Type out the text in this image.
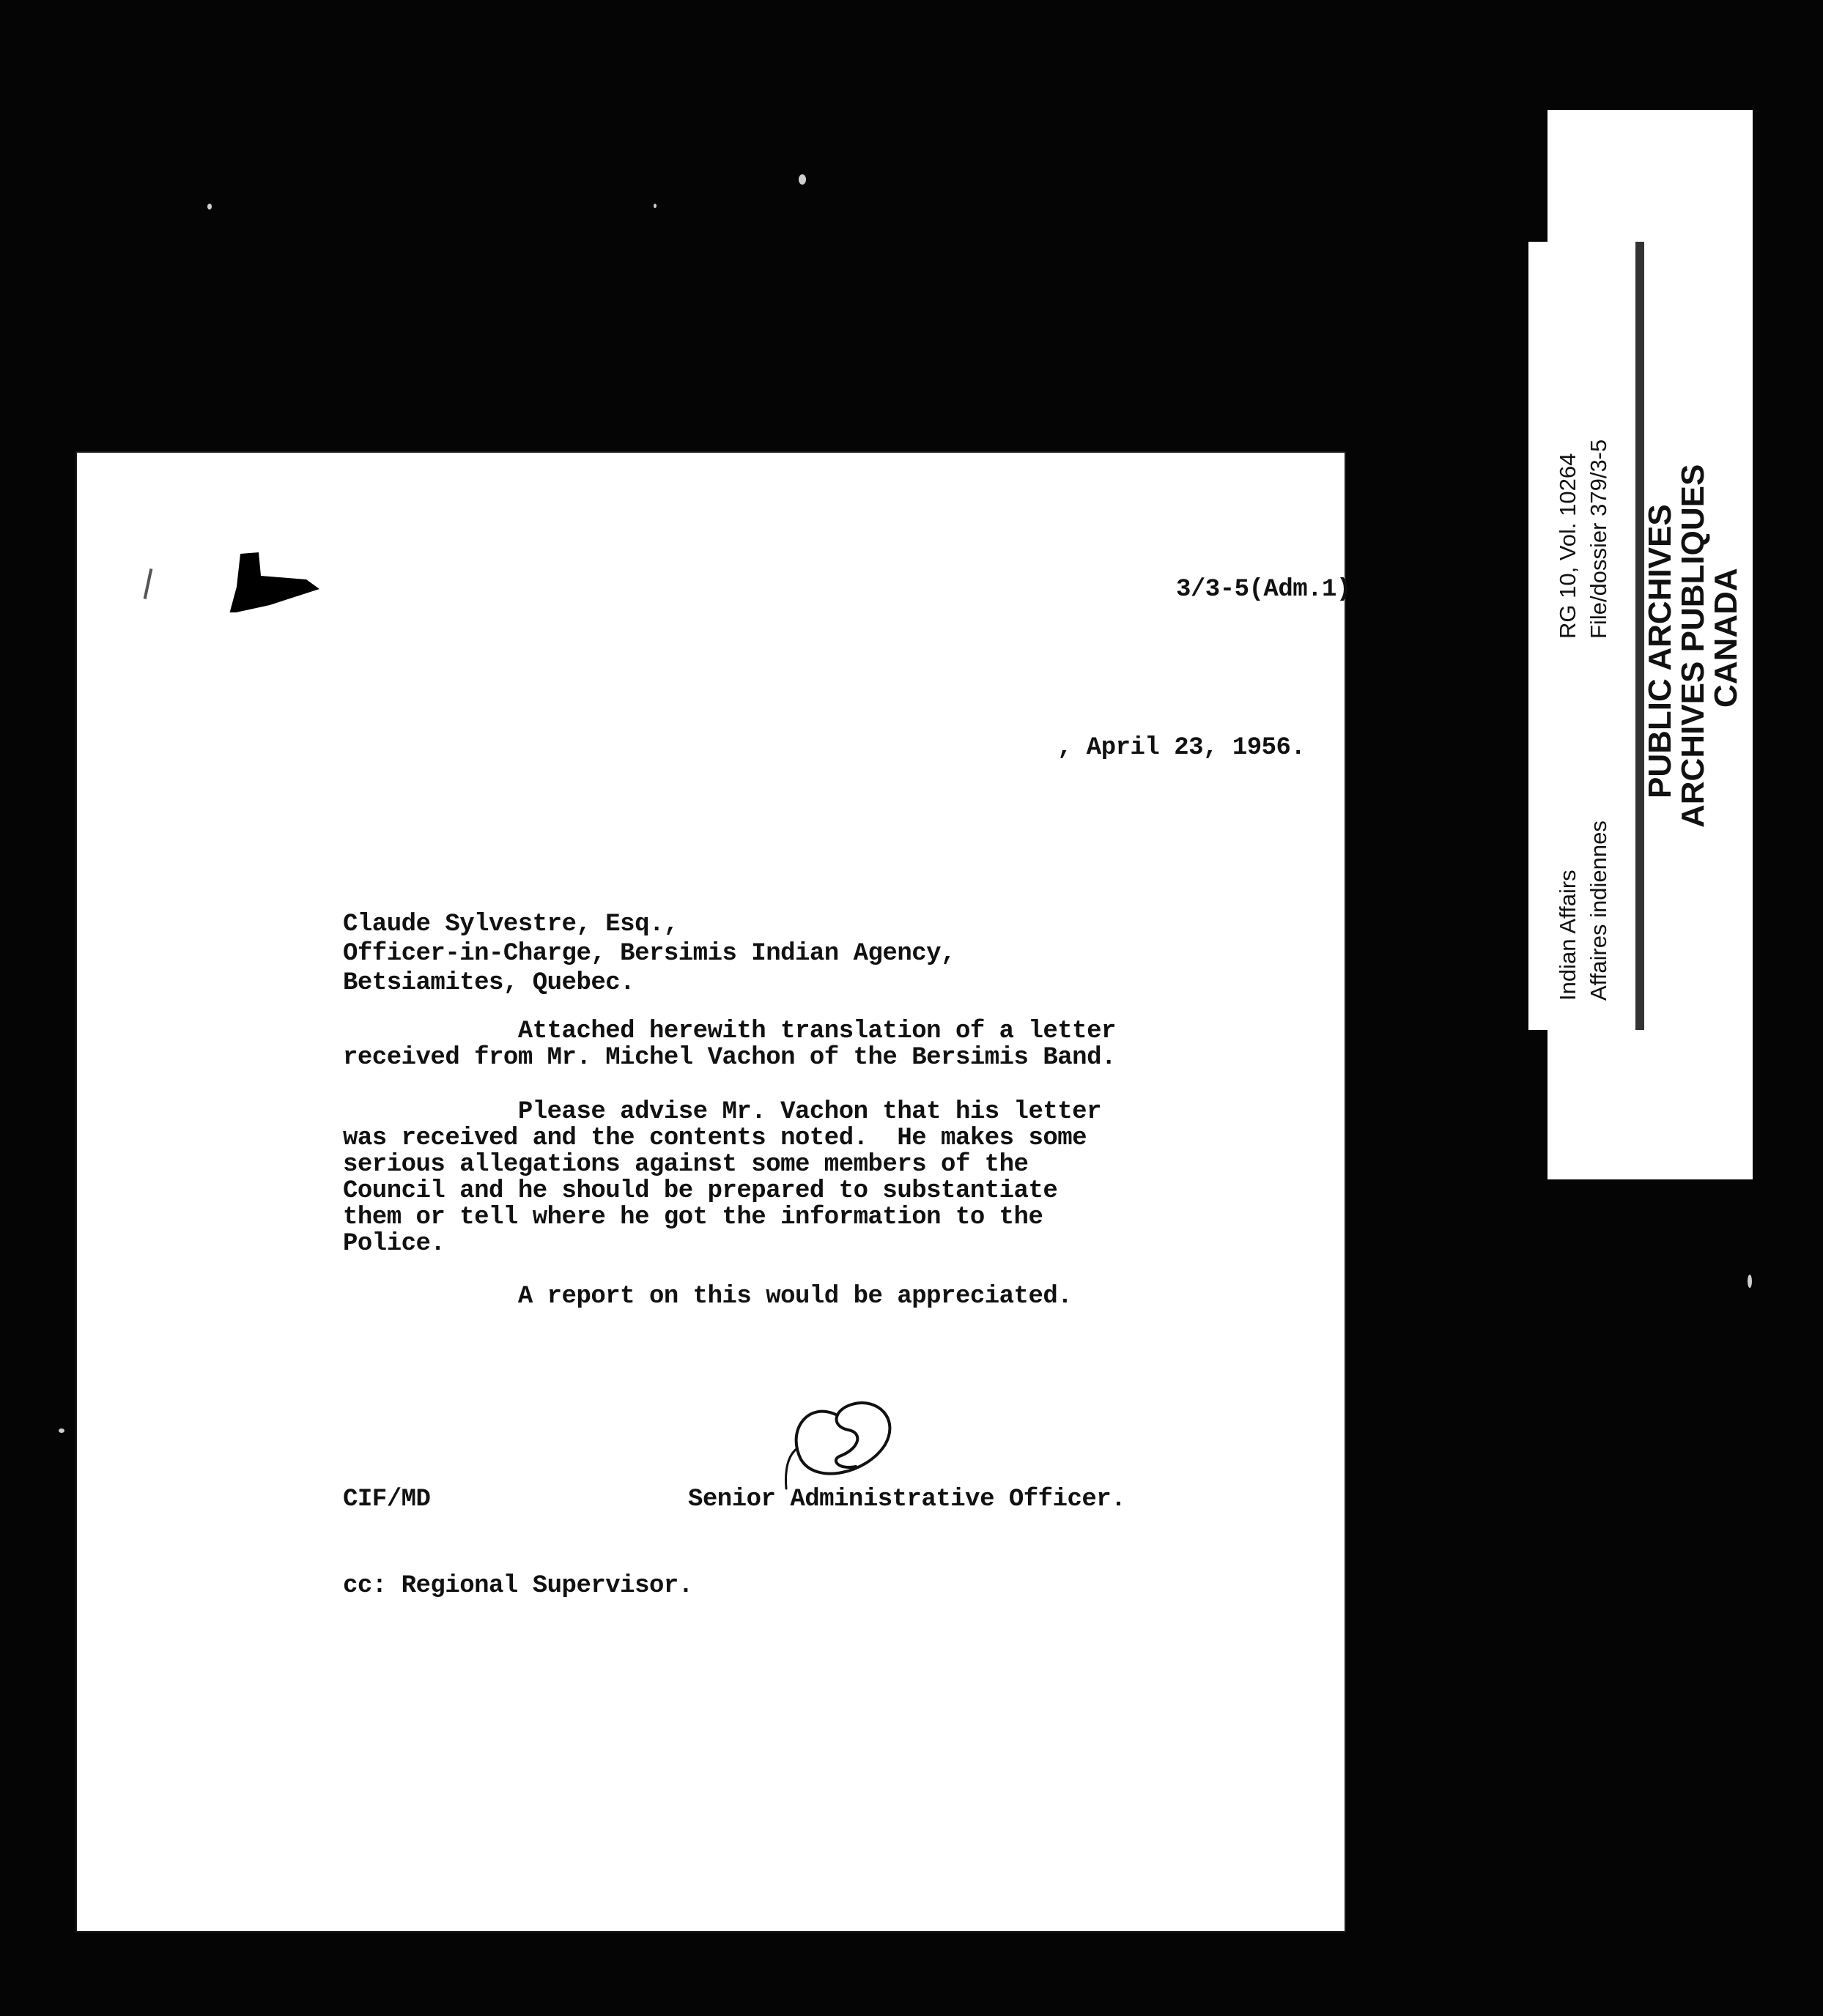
3/3-5(Adm.1)
, April 23, 1956.
Claude Sylvestre, Esq.,
Officer-in-Charge, Bersimis Indian Agency,
Betsiamites, Quebec.
Attached herewith translation of a letter
received from Mr. Michel Vachon of the Bersimis Band.
Please advise Mr. Vachon that his letter
was received and the contents noted.  He makes some
serious allegations against some members of the
Council and he should be prepared to substantiate
them or tell where he got the information to the
Police.
A report on this would be appreciated.
CIF/MD	Senior Administrative Officer.
cc: Regional Supervisor.
Indian Affairs Affaires indiennes
RG 10, Vol. 10264 File/dossier 379/3-5 PUBLIC ARCHIVES
ARCHIVES PUBLIQUES
CANADA
